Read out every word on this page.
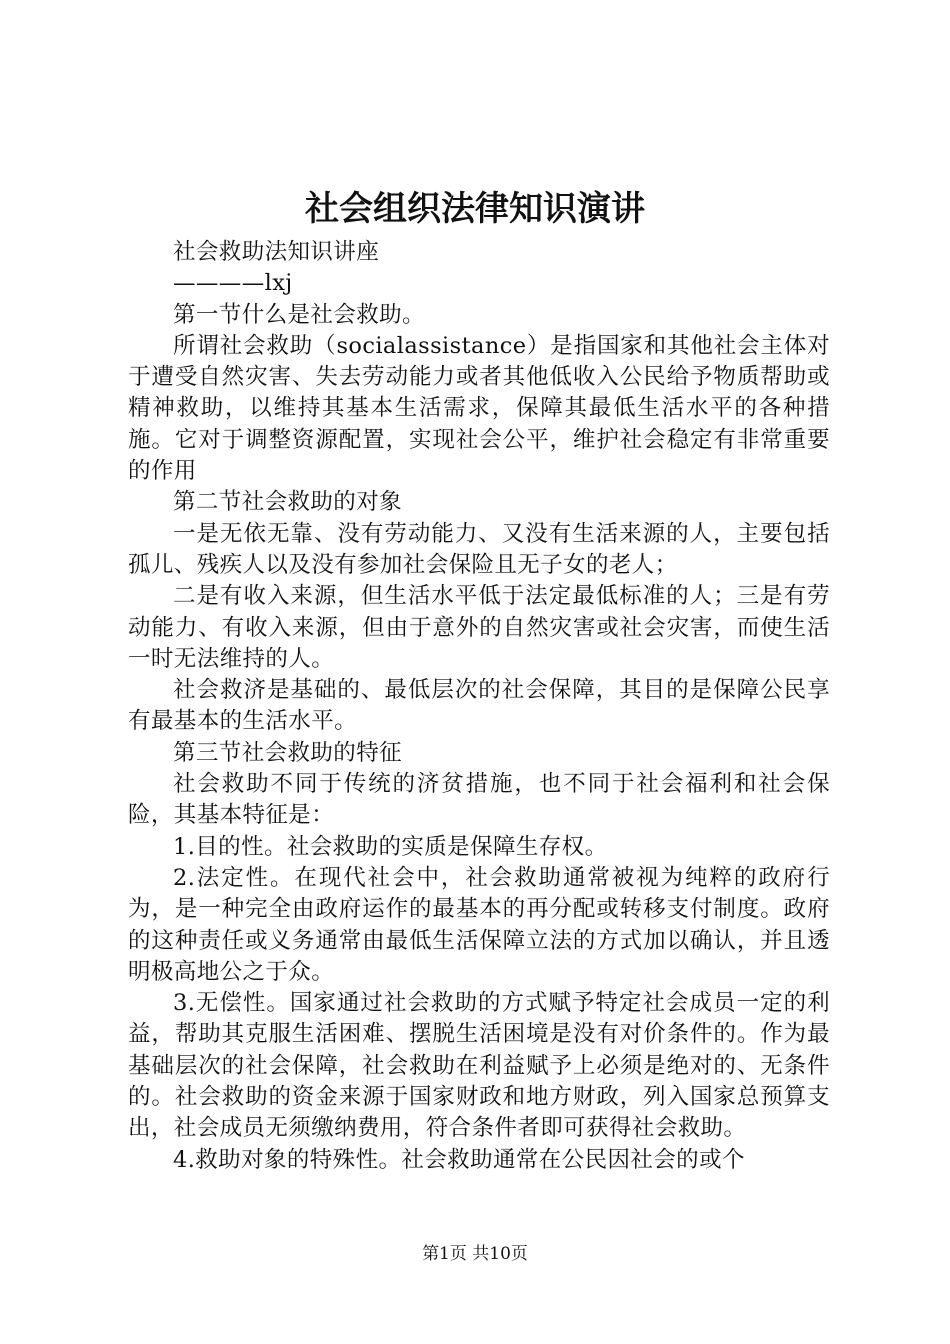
社会组织法律知识演讲

社会救助法知识讲座

————lxj

第一节什么是社会救助。

所谓社会救助（socialassistance）是指国家和其他社会主体对于遭受自然灾害、失去劳动能力或者其他低收入公民给予物质帮助或精神救助，以维持其基本生活需求，保障其最低生活水平的各种措施。它对于调整资源配置，实现社会公平，维护社会稳定有非常重要的作用

第二节社会救助的对象

一是无依无靠、没有劳动能力、又没有生活来源的人，主要包括孤儿、残疾人以及没有参加社会保险且无子女的老人；

二是有收入来源，但生活水平低于法定最低标准的人；三是有劳动能力、有收入来源，但由于意外的自然灾害或社会灾害，而使生活一时无法维持的人。

社会救济是基础的、最低层次的社会保障，其目的是保障公民享有最基本的生活水平。

第三节社会救助的特征

社会救助不同于传统的济贫措施，也不同于社会福利和社会保险，其基本特征是：

1.目的性。社会救助的实质是保障生存权。

2.法定性。在现代社会中，社会救助通常被视为纯粹的政府行为，是一种完全由政府运作的最基本的再分配或转移支付制度。政府的这种责任或义务通常由最低生活保障立法的方式加以确认，并且透明极高地公之于众。

3.无偿性。国家通过社会救助的方式赋予特定社会成员一定的利益，帮助其克服生活困难、摆脱生活困境是没有对价条件的。作为最基础层次的社会保障，社会救助在利益赋予上必须是绝对的、无条件的。社会救助的资金来源于国家财政和地方财政，列入国家总预算支出，社会成员无须缴纳费用，符合条件者即可获得社会救助。

4.救助对象的特殊性。社会救助通常在公民因社会的或个

第1页 共10页
